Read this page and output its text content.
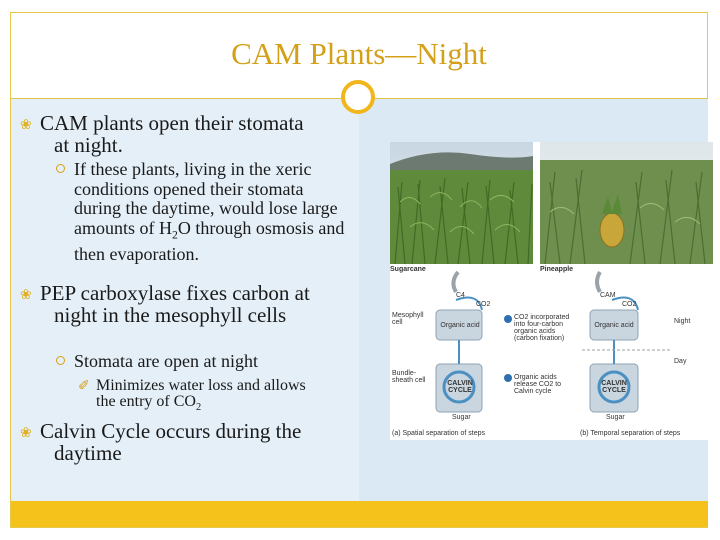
CAM Plants—Night
❀ CAM plants open their stomata at night.
If these plants, living in the xeric conditions opened their stomata during the daytime, would lose large amounts of $H_2O$ through osmosis and then evaporation.
❀ PEP carboxylase fixes carbon at night in the mesophyll cells
Stomata are open at night
✐ Minimizes water loss and allows the entry of $CO_2$
❀ Calvin Cycle occurs during the daytime
Sugarcane	Pineapple
C4	CAM
CO2	CO2
Mesophyll cell
Bundle-sheath cell
Organic acid	Organic acid
CALVIN CYCLE
CALVIN CYCLE
Sugar	Sugar
Night
Day
CO2 incorporated into four-carbon organic acids (carbon fixation)
Organic acids release CO2 to Calvin cycle
(a) Spatial separation of steps	(b) Temporal separation of steps
